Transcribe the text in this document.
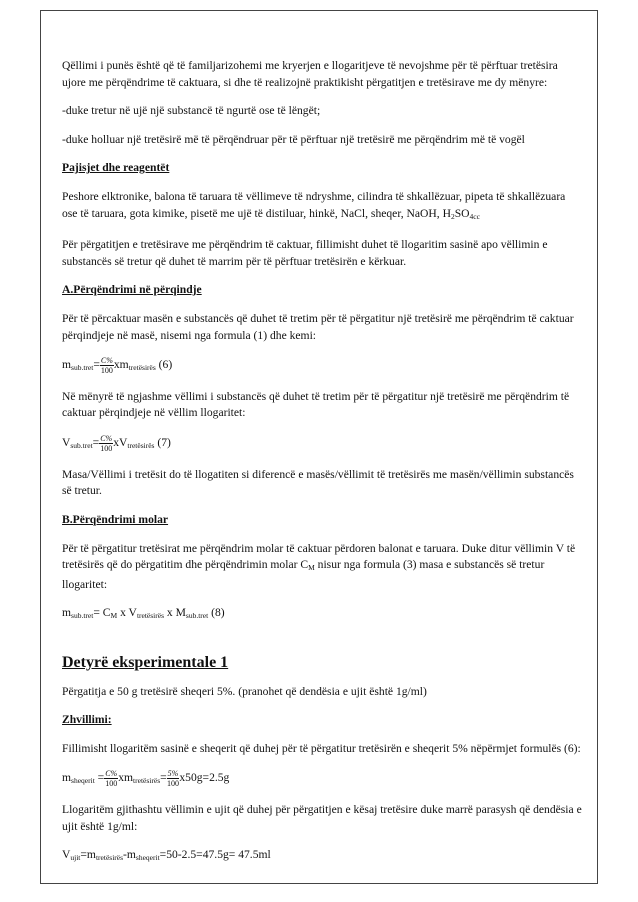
Qëllimi i punës është që të familjarizohemi me kryerjen e llogaritjeve të nevojshme për të përftuar tretësira ujore me përqëndrime të caktuara, si dhe të realizojnë praktikisht përgatitjen e tretësirave me dy mënyre:

-duke tretur në ujë një substancë të ngurtë ose të lëngët;

-duke holluar një tretësirë më të përqëndruar për të përftuar një tretësirë me përqëndrim më të vogël

Pajisjet dhe reagentët

Peshore elktronike, balona të taruara të vëllimeve të ndryshme, cilindra të shkallëzuar, pipeta të shkallëzuara ose të taruara, gota kimike, pisetë me ujë të distiluar, hinkë, NaCl, sheqer, NaOH, $H_2SO_{4cc}$

Për përgatitjen e tretësirave me përqëndrim të caktuar, fillimisht duhet të llogaritim sasinë apo vëllimin e substancës së tretur që duhet të marrim për të përftuar tretësirën e kërkuar.

A.Përqëndrimi në përqindje

Për të përcaktuar masën e substancës që duhet të tretim për të përgatitur një tretësirë me përqëndrim të caktuar përqindjeje në masë, nisemi nga formula (1) dhe kemi:

$m_{sub.tret}= \frac{C\%}{100} xm_{tretësirës}$ (6)

Në mënyrë të ngjashme vëllimi i substancës që duhet të tretim për të përgatitur një tretësirë me përqëndrim të caktuar përqindjeje në vëllim llogaritet:

$V_{sub.tret}= \frac{C\%}{100} xV_{tretësirës}$ (7)

Masa/Vëllimi i tretësit do të llogatiten si diferencë e masës/vëllimit të tretësirës me masën/vëllimin substancës së tretur.

B.Përqëndrimi molar

Për të përgatitur tretësirat me përqëndrim molar të caktuar përdoren balonat e taruara. Duke ditur vëllimin V të tretësirës që do përgatitim dhe përqëndrimin molar $C_M$ nisur nga formula (3) masa e substancës së tretur llogaritet:

$m_{sub.tret}= C_M$ x $V_{tretësirës}$ x $M_{sub.tret}$ (8)

Detyrë eksperimentale 1

Përgatitja e 50 g tretësirë sheqeri 5%. (pranohet që dendësia e ujit është 1g/ml)

Zhvillimi:

Fillimisht llogaritëm sasinë e sheqerit që duhej për të përgatitur tretësirën e sheqerit 5% nëpërmjet formulës (6):

$m_{sheqerit} = \frac{C\%}{100} xm_{tretësirës}= \frac{5\%}{100} x50g=2.5g$

Llogaritëm gjithashtu vëllimin e ujit që duhej për përgatitjen e kësaj tretësire duke marrë parasysh që dendësia e ujit është 1g/ml:

$V_{ujit}=m_{tretësirës}-m_{sheqerit}=50-2.5=47.5g= 47.5ml$
